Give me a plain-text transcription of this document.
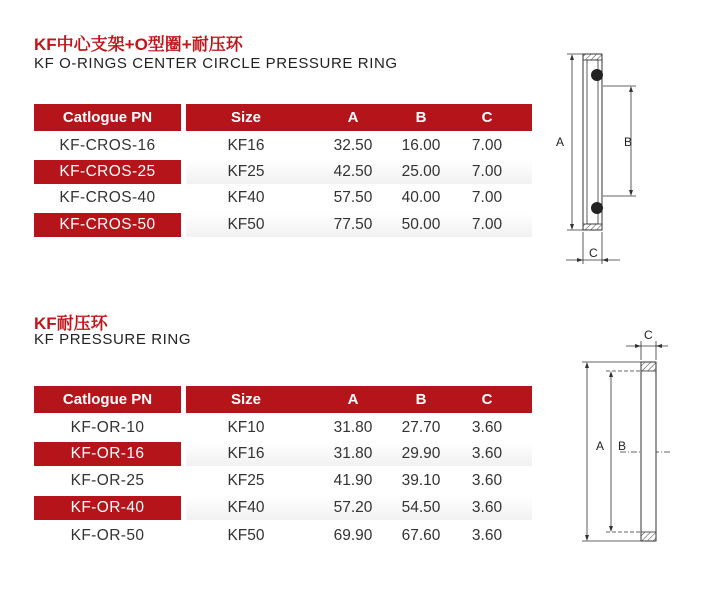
KF中心支架+O型圈+耐压环
KF O-RINGS CENTER CIRCLE PRESSURE RING
Catlogue PN	Size	A	B	C
KF-CROS-16	KF16	32.50	16.00	7.00
KF-CROS-25	KF25	42.50	25.00	7.00
KF-CROS-40	KF40	57.50	40.00	7.00
KF-CROS-50	KF50	77.50	50.00	7.00
A	B
C
KF耐压环
KF PRESSURE RING
Catlogue PN	Size	A	B	C
KF-OR-10	KF10	31.80	27.70	3.60
KF-OR-16	KF16	31.80	29.90	3.60
KF-OR-25	KF25	41.90	39.10	3.60
KF-OR-40	KF40	57.20	54.50	3.60
KF-OR-50	KF50	69.90	67.60	3.60
A B
C
